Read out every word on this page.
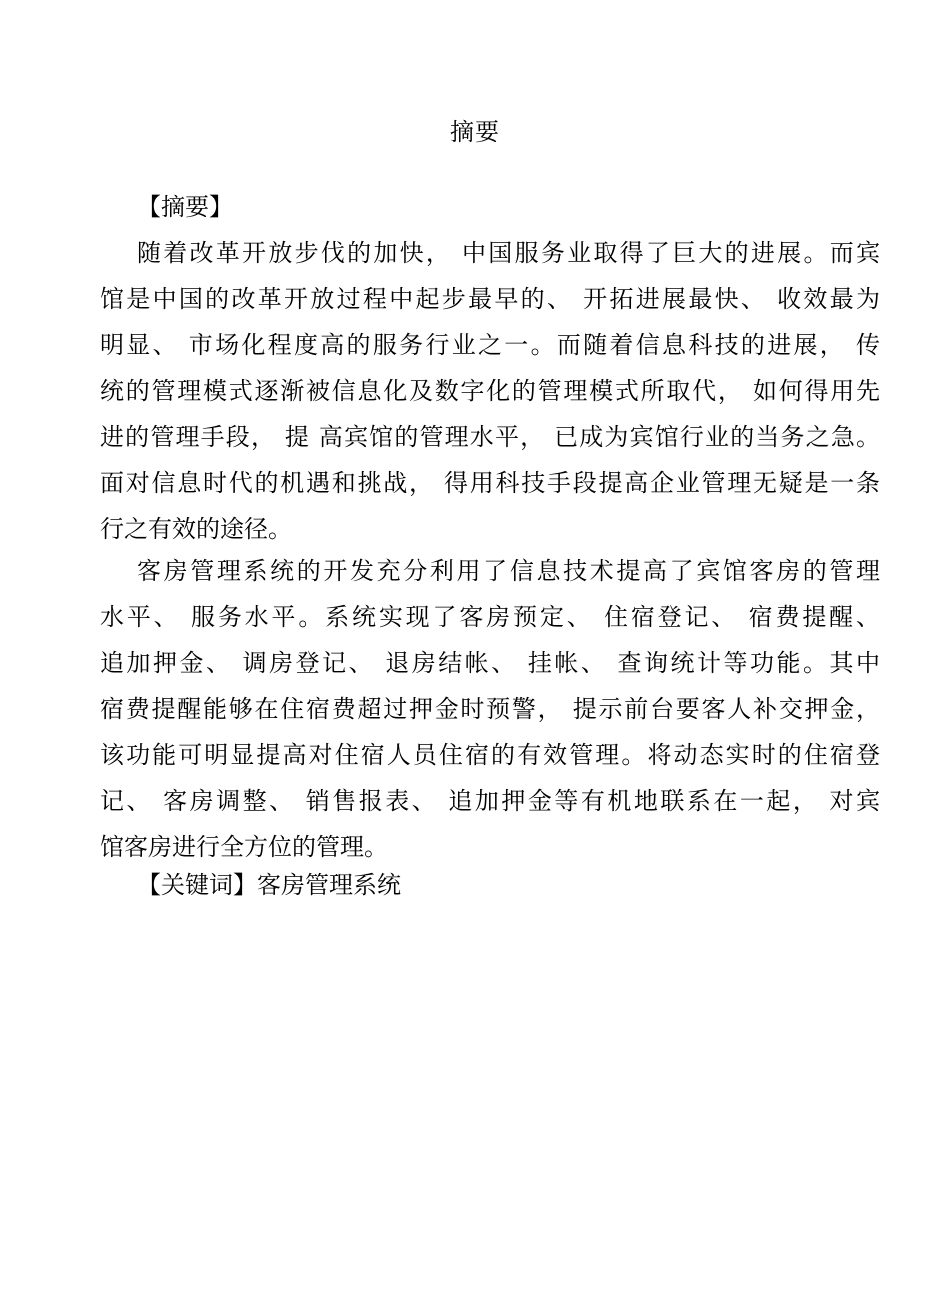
摘要
【摘要】
随着改革开放步伐的加快， 中国服务业取得了巨大的进展。而宾
馆是中国的改革开放过程中起步最早的、 开拓进展最快、 收效最为
明显、 市场化程度高的服务行业之一。而随着信息科技的进展， 传
统的管理模式逐渐被信息化及数字化的管理模式所取代， 如何得用先
进的管理手段， 提 高宾馆的管理水平， 已成为宾馆行业的当务之急。
面对信息时代的机遇和挑战， 得用科技手段提高企业管理无疑是一条
行之有效的途径。
客房管理系统的开发充分利用了信息技术提高了宾馆客房的管理
水平、 服务水平。系统实现了客房预定、 住宿登记、 宿费提醒、
追加押金、 调房登记、 退房结帐、 挂帐、 查询统计等功能。其中
宿费提醒能够在住宿费超过押金时预警， 提示前台要客人补交押金，
该功能可明显提高对住宿人员住宿的有效管理。将动态实时的住宿登
记、 客房调整、 销售报表、 追加押金等有机地联系在一起， 对宾
馆客房进行全方位的管理。
【关键词】客房管理系统
